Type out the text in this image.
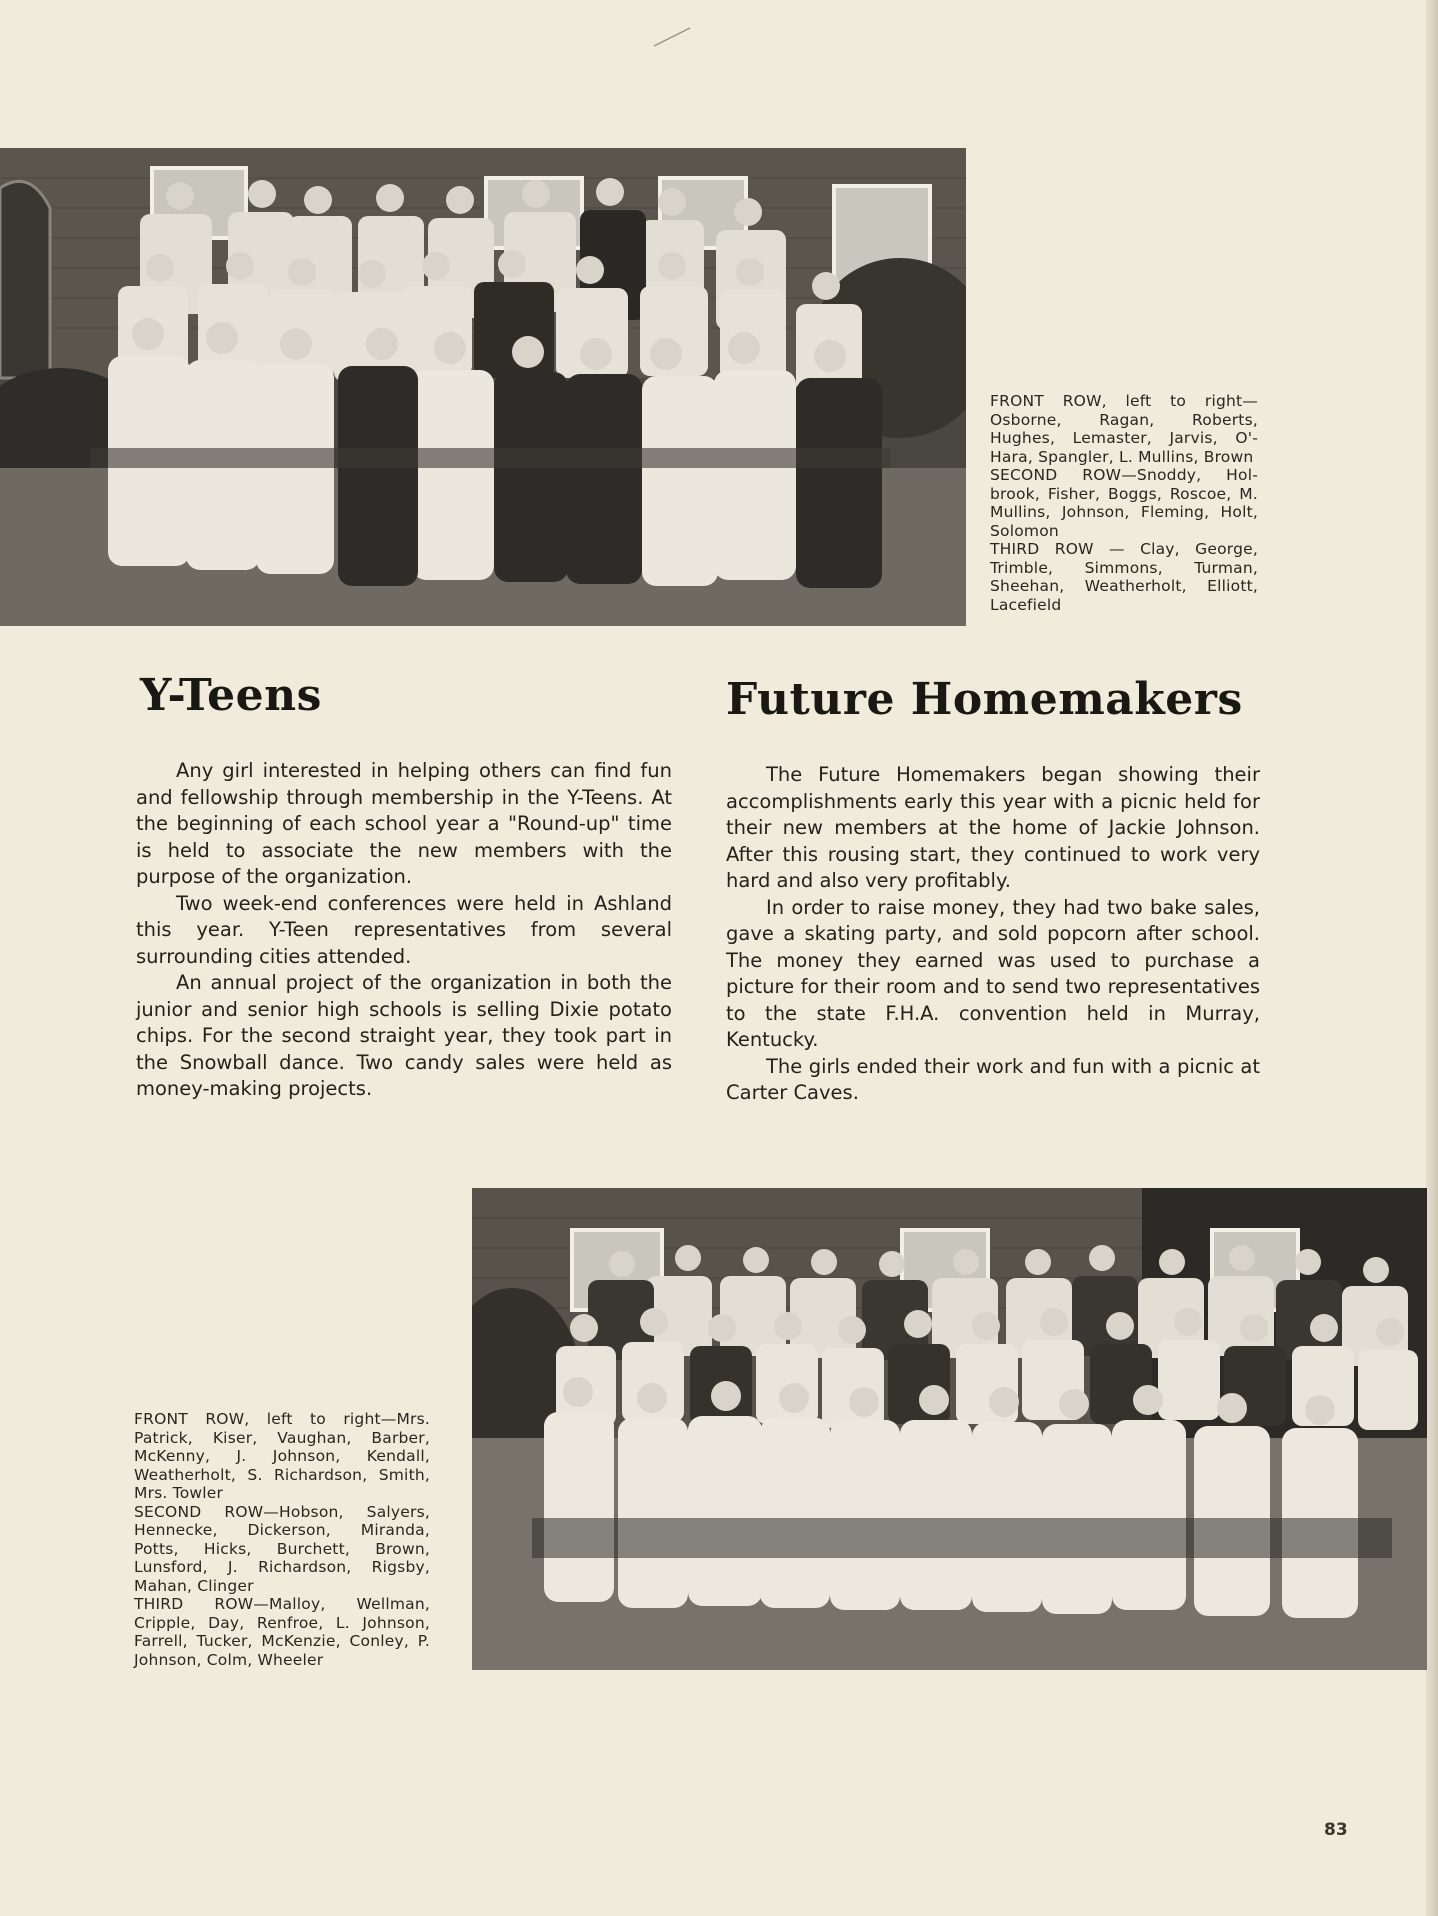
FRONT ROW, left to right—Osborne, Ragan, Roberts, Hughes, Lemaster, Jarvis, O'-Hara, Spangler, L. Mullins, Brown

SECOND ROW—Snoddy, Hol-brook, Fisher, Boggs, Roscoe, M. Mullins, Johnson, Fleming, Holt, Solomon

THIRD ROW — Clay, George, Trimble, Simmons, Turman, Sheehan, Weatherholt, Elliott, Lacefield

Y-Teens

Any girl interested in helping others can find fun and fellowship through membership in the Y-Teens. At the beginning of each school year a "Round-up" time is held to associate the new members with the purpose of the organization.

Two week-end conferences were held in Ashland this year. Y-Teen representatives from several surrounding cities attended.

An annual project of the organization in both the junior and senior high schools is selling Dixie potato chips. For the second straight year, they took part in the Snowball dance. Two candy sales were held as money-making projects.

Future Homemakers

The Future Homemakers began showing their accomplishments early this year with a picnic held for their new members at the home of Jackie Johnson. After this rousing start, they continued to work very hard and also very profitably.

In order to raise money, they had two bake sales, gave a skating party, and sold popcorn after school. The money they earned was used to purchase a picture for their room and to send two representatives to the state F.H.A. convention held in Murray, Kentucky.

The girls ended their work and fun with a picnic at Carter Caves.

FRONT ROW, left to right—Mrs. Patrick, Kiser, Vaughan, Barber, McKenny, J. Johnson, Kendall, Weatherholt, S. Richardson, Smith, Mrs. Towler

SECOND ROW—Hobson, Salyers, Hennecke, Dickerson, Miranda, Potts, Hicks, Burchett, Brown, Lunsford, J. Richardson, Rigsby, Mahan, Clinger

THIRD ROW—Malloy, Wellman, Cripple, Day, Renfroe, L. Johnson, Farrell, Tucker, McKenzie, Conley, P. Johnson, Colm, Wheeler

83
